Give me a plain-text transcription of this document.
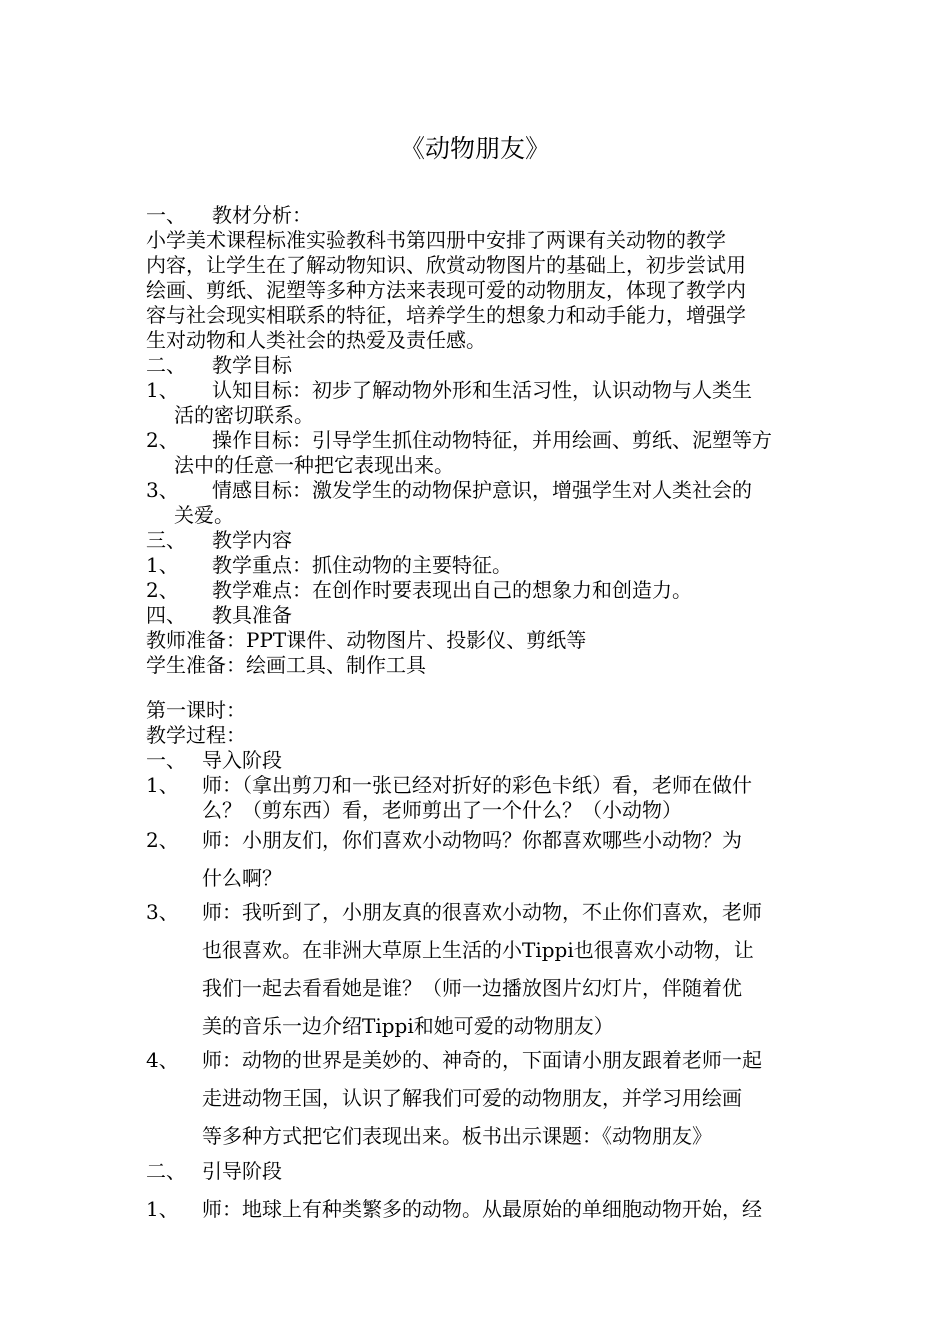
《动物朋友》
一、	教材分析：
小学美术课程标准实验教科书第四册中安排了两课有关动物的教学
内容，让学生在了解动物知识、欣赏动物图片的基础上，初步尝试用
绘画、剪纸、泥塑等多种方法来表现可爱的动物朋友，体现了教学内
容与社会现实相联系的特征，培养学生的想象力和动手能力，增强学
生对动物和人类社会的热爱及责任感。
二、	教学目标
1、	认知目标：初步了解动物外形和生活习性，认识动物与人类生
活的密切联系。
2、	操作目标：引导学生抓住动物特征，并用绘画、剪纸、泥塑等方
法中的任意一种把它表现出来。
3、	情感目标：激发学生的动物保护意识，增强学生对人类社会的
关爱。
三、	教学内容
1、	教学重点：抓住动物的主要特征。
2、	教学难点：在创作时要表现出自己的想象力和创造力。
四、	教具准备
教师准备：PPT课件、动物图片、投影仪、剪纸等
学生准备：绘画工具、制作工具
第一课时：
教学过程：
一、 导入阶段
1、 师：（拿出剪刀和一张已经对折好的彩色卡纸）看，老师在做什
么？（剪东西）看，老师剪出了一个什么？（小动物）
2、 师：小朋友们，你们喜欢小动物吗？你都喜欢哪些小动物？为
什么啊？
3、 师：我听到了，小朋友真的很喜欢小动物，不止你们喜欢，老师
也很喜欢。在非洲大草原上生活的小Tippi也很喜欢小动物，让
我们一起去看看她是谁？（师一边播放图片幻灯片，伴随着优
美的音乐一边介绍Tippi和她可爱的动物朋友）
4、 师：动物的世界是美妙的、神奇的，下面请小朋友跟着老师一起
走进动物王国，认识了解我们可爱的动物朋友，并学习用绘画
等多种方式把它们表现出来。板书出示课题：《动物朋友》
二、 引导阶段
1、 师：地球上有种类繁多的动物。从最原始的单细胞动物开始，经
